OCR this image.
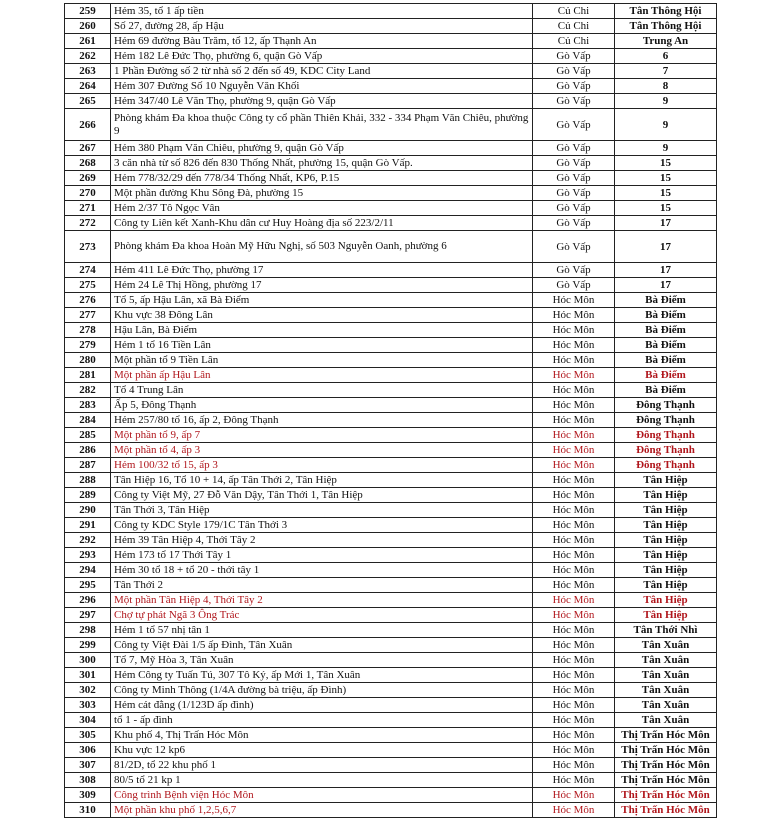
259	Hẻm 35, tổ 1 ấp tiền	Củ Chi	Tân Thông Hội
260	Số 27, đường 28, ấp Hậu	Củ Chi	Tân Thông Hội
261	Hẻm 69 đường Bàu Trăm, tổ 12, ấp Thạnh An	Củ Chi	Trung An
262	Hẻm 182 Lê Đức Thọ, phường 6, quận Gò Vấp	Gò Vấp	6
263	1 Phần Đường số 2 từ nhà số 2 đến số 49, KDC City Land	Gò Vấp	7
264	Hẻm 307 Đường Số 10 Nguyễn Văn Khối	Gò Vấp	8
265	Hẻm 347/40 Lê Văn Thọ, phường 9, quận Gò Vấp	Gò Vấp	9
266	Phòng khám Đa khoa thuộc Công ty cổ phần Thiên Khải, 332 - 334 Phạm Văn Chiêu, phường 9	Gò Vấp	9
267	Hẻm 380 Phạm Văn Chiêu, phường 9, quận Gò Vấp	Gò Vấp	9
268	3 căn nhà từ số 826 đến 830 Thống Nhất, phường 15, quận Gò Vấp.	Gò Vấp	15
269	Hẻm 778/32/29 đến 778/34 Thống Nhất, KP6, P.15	Gò Vấp	15
270	Một phần đường Khu Sông Đà, phường 15	Gò Vấp	15
271	Hẻm 2/37 Tô Ngọc Vân	Gò Vấp	15
272	Công ty Liên kết Xanh-Khu dân cư Huy Hoàng địa số 223/2/11	Gò Vấp	17
273	Phòng khám Đa khoa Hoàn Mỹ Hữu Nghị, số 503 Nguyễn Oanh, phường 6	Gò Vấp	17
274	Hẻm 411 Lê Đức Thọ, phường 17	Gò Vấp	17
275	Hẻm 24 Lê Thị Hồng, phường 17	Gò Vấp	17
276	Tổ 5, ấp Hậu Lân, xã Bà Điểm	Hóc Môn	Bà Điểm
277	Khu vực 38 Đông Lân	Hóc Môn	Bà Điểm
278	Hậu Lân, Bà Điểm	Hóc Môn	Bà Điểm
279	Hẻm 1 tổ 16 Tiền Lân	Hóc Môn	Bà Điểm
280	Một phần tổ 9 Tiền Lân	Hóc Môn	Bà Điểm
281	Một phần ấp Hậu Lân	Hóc Môn	Bà Điểm
282	Tổ 4 Trung Lân	Hóc Môn	Bà Điểm
283	Ấp 5, Đông Thạnh	Hóc Môn	Đông Thạnh
284	Hẻm 257/80 tổ 16, ấp 2, Đông Thạnh	Hóc Môn	Đông Thạnh
285	Một phần tổ 9, ấp 7	Hóc Môn	Đông Thạnh
286	Một phần tổ 4, ấp 3	Hóc Môn	Đông Thạnh
287	Hẻm 100/32 tổ 15, ấp 3	Hóc Môn	Đông Thạnh
288	Tân Hiệp 16, Tổ 10 + 14, ấp Tân Thới 2, Tân Hiệp	Hóc Môn	Tân Hiệp
289	Công ty Việt Mỹ, 27 Đỗ Văn Dậy, Tân Thới 1, Tân Hiệp	Hóc Môn	Tân Hiệp
290	Tân Thới 3, Tân Hiệp	Hóc Môn	Tân Hiệp
291	Công ty KDC Style 179/1C Tân Thới 3	Hóc Môn	Tân Hiệp
292	Hẻm 39 Tân Hiệp 4, Thới Tây 2	Hóc Môn	Tân Hiệp
293	Hẻm 173 tổ 17 Thới Tây 1	Hóc Môn	Tân Hiệp
294	Hẻm 30 tổ 18 + tổ 20 - thới tây 1	Hóc Môn	Tân Hiệp
295	Tân Thới 2	Hóc Môn	Tân Hiệp
296	Một phần Tân Hiệp 4, Thới Tây 2	Hóc Môn	Tân Hiệp
297	Chợ tự phát Ngã 3 Ông Trác	Hóc Môn	Tân Hiệp
298	Hẻm 1 tổ 57 nhị tân 1	Hóc Môn	Tân Thới Nhì
299	Công ty Việt Đài 1/5 ấp Đình, Tân Xuân	Hóc Môn	Tân Xuân
300	Tổ 7, Mỹ Hòa 3, Tân Xuân	Hóc Môn	Tân Xuân
301	Hẻm Công ty Tuấn Tú, 307 Tô Ký, ấp Mới 1, Tân Xuân	Hóc Môn	Tân Xuân
302	Công ty Minh Thông (1/4A đường bà triệu, ấp Đình)	Hóc Môn	Tân Xuân
303	Hẻm cát đằng (1/123D ấp đình)	Hóc Môn	Tân Xuân
304	tổ 1 - ấp đình	Hóc Môn	Tân Xuân
305	Khu phố 4, Thị Trấn Hóc Môn	Hóc Môn	Thị Trấn Hóc Môn
306	Khu vực 12 kp6	Hóc Môn	Thị Trấn Hóc Môn
307	81/2D, tổ 22 khu phố 1	Hóc Môn	Thị Trấn Hóc Môn
308	80/5 tổ 21 kp 1	Hóc Môn	Thị Trấn Hóc Môn
309	Công trình Bệnh viện Hóc Môn	Hóc Môn	Thị Trấn Hóc Môn
310	Một phần khu phố 1,2,5,6,7	Hóc Môn	Thị Trấn Hóc Môn
